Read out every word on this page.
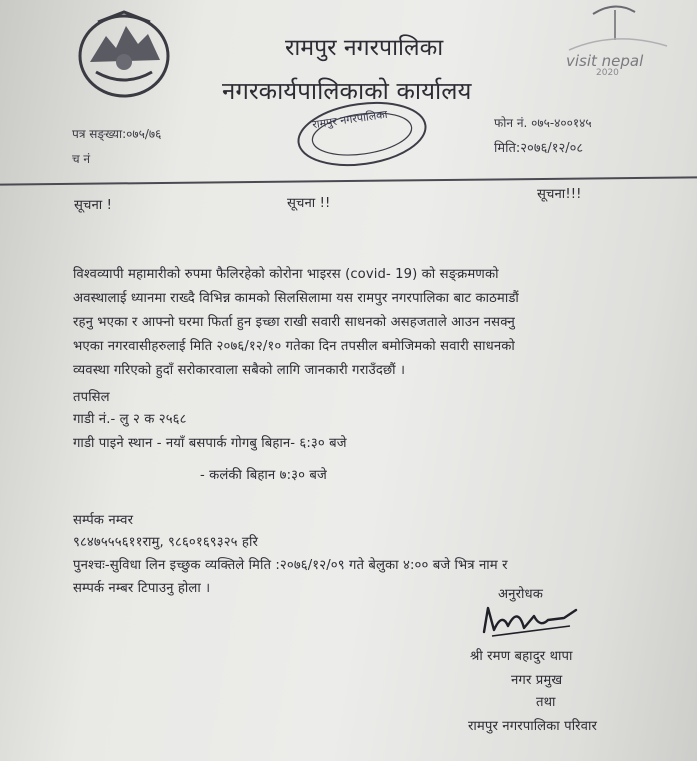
रामपुर नगरपालिका
नगरकार्यपालिकाको कार्यालय
visit nepal
2020
रामपुर नगरपालिका
पत्र सङ्ख्या:०७५/७६
च नं
फोन नं. ०७५-४००१४५
मिति:२०७६/१२/०८
सूचना !	सूचना !!
सूचना!!!
विश्वव्यापी महामारीको रुपमा फैलिरहेको कोरोना भाइरस (covid- 19) को सङ्क्रमणको
अवस्थालाई ध्यानमा राख्दै विभिन्न कामको सिलसिलामा यस रामपुर नगरपालिका बाट काठमाडौं
रहनु भएका र आफ्नो घरमा फिर्ता हुन इच्छा राखी सवारी साधनको असहजताले आउन नसक्नु
भएका नगरवासीहरुलाई मिति २०७६/१२/१० गतेका दिन तपसील बमोजिमको सवारी साधनको
व्यवस्था गरिएको हुदाँ सरोकारवाला सबैको लागि जानकारी गराउँदछौं ।
तपसिल
गाडी नं.- लु २ क २५६८
गाडी पाइने स्थान - नयाँ बसपार्क गोगबु बिहान- ६:३० बजे
- कलंकी बिहान ७:३० बजे
सर्म्पक नम्वर
९८४७५५५६११रामु, ९८६०१६९३२५ हरि
पुनश्चः-सुविधा लिन इच्छुक व्यक्तिले मिति :२०७६/१२/०९ गते बेलुका ४:०० बजे भित्र नाम र
सम्पर्क नम्बर टिपाउनु होला ।	अनुरोधक
श्री रमण बहादुर थापा
नगर प्रमुख
तथा
रामपुर नगरपालिका परिवार
